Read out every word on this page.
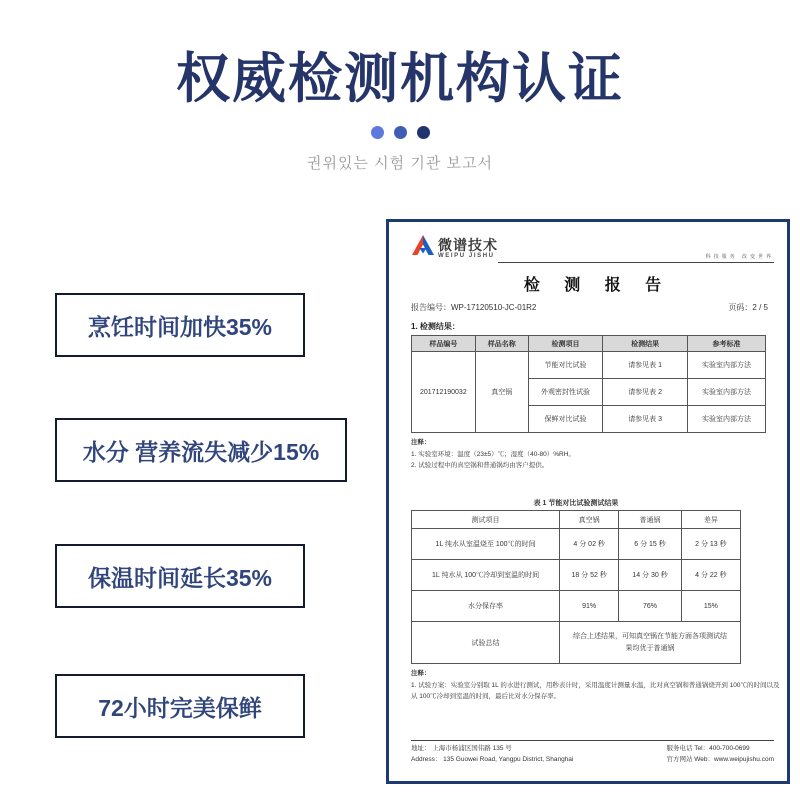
权威检测机构认证
권위있는 시험 기관 보고서
烹饪时间加快35%
水分 营养流失减少15%
保温时间延长35%
72小时完美保鲜
微谱技术
WEIPU JISHU	科技服务 改变世界
检 测 报 告
报告编号：WP-17120510-JC-01R2	页码：2 / 5
1. 检测结果：
样品编号	样品名称	检测项目	检测结果	参考标准
201712190032	真空锅	节能对比试验	请参见表 1	实验室内部方法
		外观密封性试验	请参见表 2	实验室内部方法
		保鲜对比试验	请参见表 3	实验室内部方法
注释：
1. 实验室环境：温度（23±5）℃；湿度（40-80）%RH。
2. 试验过程中的真空锅和普通锅均由客户提供。
表 1 节能对比试验测试结果
测试项目	真空锅	普通锅	差异
1L 纯水从室温烧至 100℃的时间	4 分 02 秒	6 分 15 秒	2 分 13 秒
1L 纯水从 100℃冷却到室温的时间	18 分 52 秒	14 分 30 秒	4 分 22 秒
水分保存率	91%	76%	15%
试验总结	综合上述结果，可知真空锅在节能方面各项测试结果均优于普通锅		
注释：
1. 试验方案：实验室分别取 1L 的水进行测试，用秒表计时，采用温度计测量水温，比对真空锅和普通锅烧开到 100℃的时间以及从 100℃冷却到室温的时间，最后比对水分保存率。
地址： 上海市杨浦区国伟路 135 号
Address： 135 Guowei Road, Yangpu District, Shanghai
服务电话 Tel：400-700-0699
官方网站 Web：www.weipujishu.com
